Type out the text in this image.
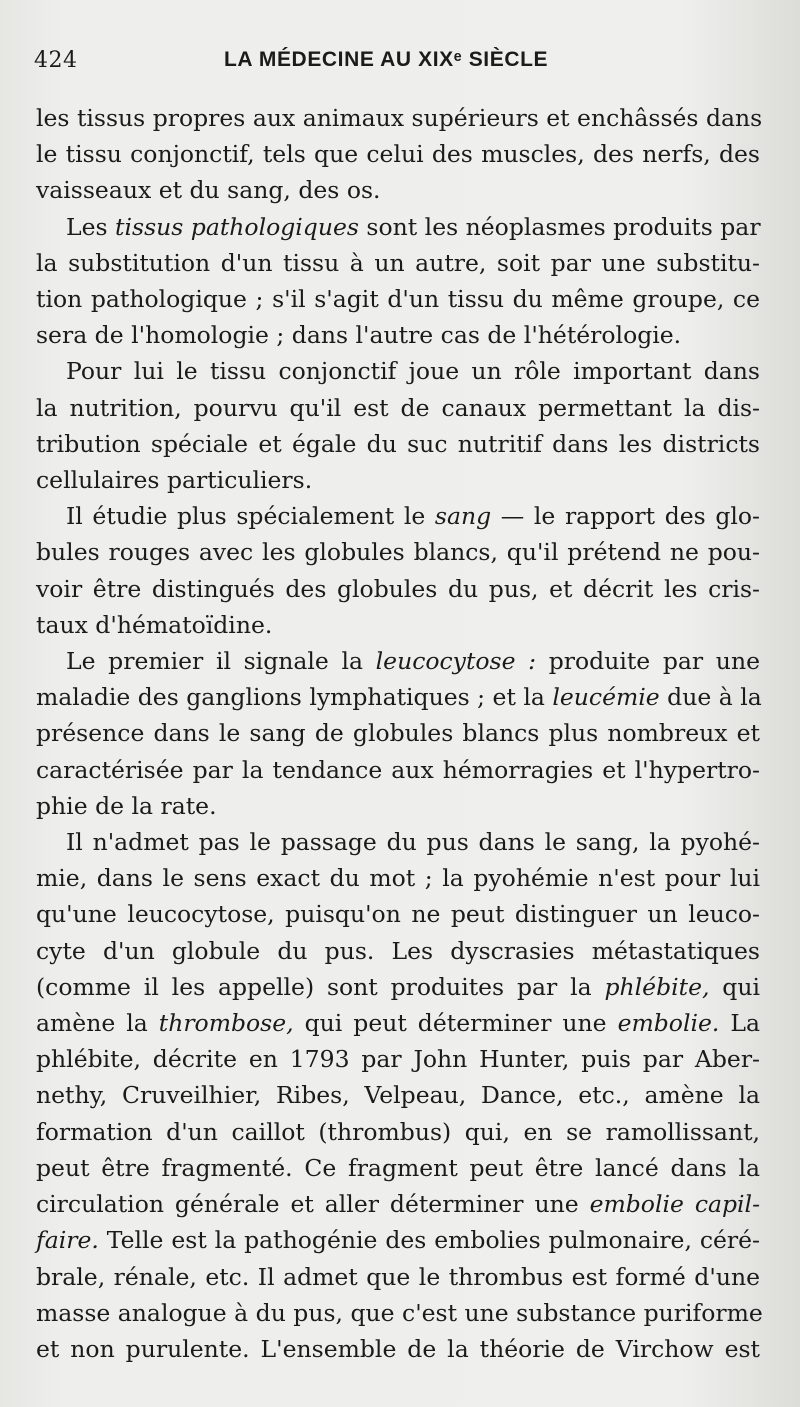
424	LA MÉDECINE AU XIXᵉ SIÈCLE
les tissus propres aux animaux supérieurs et enchâssés dans
le tissu conjonctif, tels que celui des muscles, des nerfs, des
vaisseaux et du sang, des os.
Les tissus pathologiques sont les néoplasmes produits par
la substitution d'un tissu à un autre, soit par une substitu-
tion pathologique ; s'il s'agit d'un tissu du même groupe, ce
sera de l'homologie ; dans l'autre cas de l'hétérologie.
Pour lui le tissu conjonctif joue un rôle important dans
la nutrition, pourvu qu'il est de canaux permettant la dis-
tribution spéciale et égale du suc nutritif dans les districts
cellulaires particuliers.
Il étudie plus spécialement le sang — le rapport des glo-
bules rouges avec les globules blancs, qu'il prétend ne pou-
voir être distingués des globules du pus, et décrit les cris-
taux d'hématoïdine.
Le premier il signale la leucocytose : produite par une
maladie des ganglions lymphatiques ; et la leucémie due à la
présence dans le sang de globules blancs plus nombreux et
caractérisée par la tendance aux hémorragies et l'hypertro-
phie de la rate.
Il n'admet pas le passage du pus dans le sang, la pyohé-
mie, dans le sens exact du mot ; la pyohémie n'est pour lui
qu'une leucocytose, puisqu'on ne peut distinguer un leuco-
cyte d'un globule du pus. Les dyscrasies métastatiques
(comme il les appelle) sont produites par la phlébite, qui
amène la thrombose, qui peut déterminer une embolie. La
phlébite, décrite en 1793 par John Hunter, puis par Aber-
nethy, Cruveilhier, Ribes, Velpeau, Dance, etc., amène la
formation d'un caillot (thrombus) qui, en se ramollissant,
peut être fragmenté. Ce fragment peut être lancé dans la
circulation générale et aller déterminer une embolie capil-
faire. Telle est la pathogénie des embolies pulmonaire, céré-
brale, rénale, etc. Il admet que le thrombus est formé d'une
masse analogue à du pus, que c'est une substance puriforme
et non purulente. L'ensemble de la théorie de Virchow est
